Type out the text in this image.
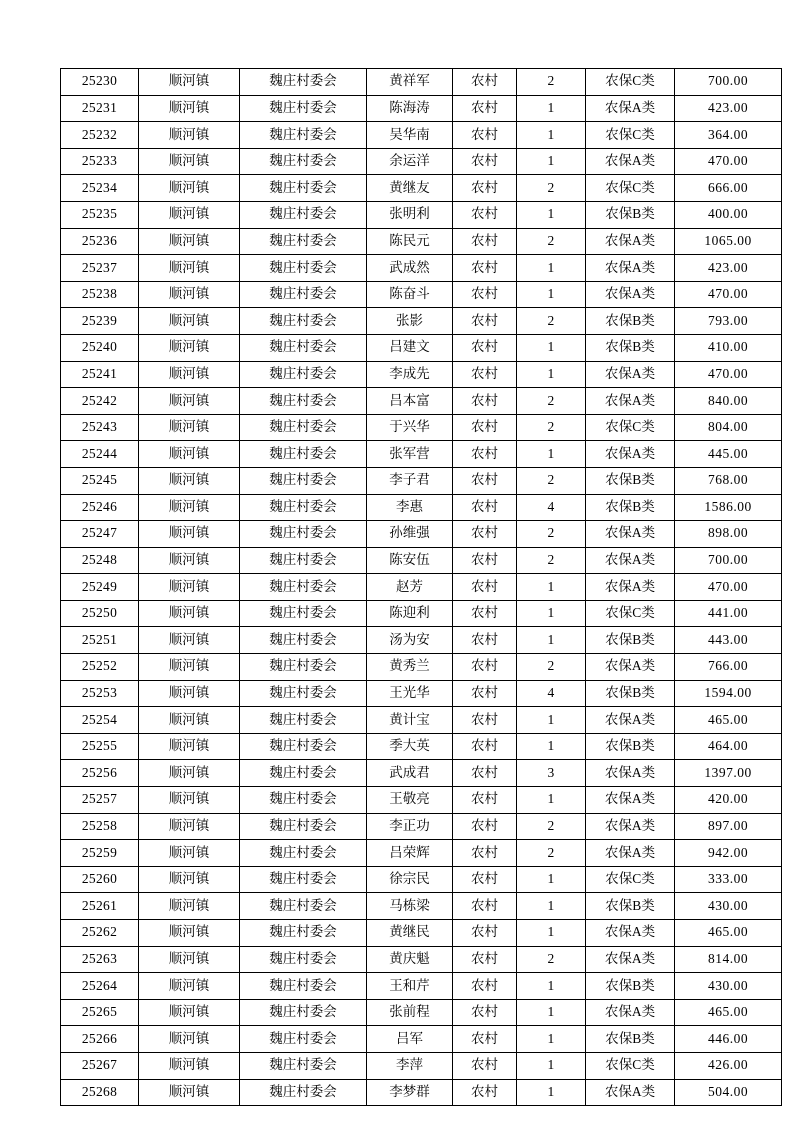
25230	顺河镇	魏庄村委会	黄祥军	农村	2	农保C类	700.00
25231	顺河镇	魏庄村委会	陈海涛	农村	1	农保A类	423.00
25232	顺河镇	魏庄村委会	吴华南	农村	1	农保C类	364.00
25233	顺河镇	魏庄村委会	余运洋	农村	1	农保A类	470.00
25234	顺河镇	魏庄村委会	黄继友	农村	2	农保C类	666.00
25235	顺河镇	魏庄村委会	张明利	农村	1	农保B类	400.00
25236	顺河镇	魏庄村委会	陈民元	农村	2	农保A类	1065.00
25237	顺河镇	魏庄村委会	武成然	农村	1	农保A类	423.00
25238	顺河镇	魏庄村委会	陈奋斗	农村	1	农保A类	470.00
25239	顺河镇	魏庄村委会	张影	农村	2	农保B类	793.00
25240	顺河镇	魏庄村委会	吕建文	农村	1	农保B类	410.00
25241	顺河镇	魏庄村委会	李成先	农村	1	农保A类	470.00
25242	顺河镇	魏庄村委会	吕本富	农村	2	农保A类	840.00
25243	顺河镇	魏庄村委会	于兴华	农村	2	农保C类	804.00
25244	顺河镇	魏庄村委会	张军营	农村	1	农保A类	445.00
25245	顺河镇	魏庄村委会	李子君	农村	2	农保B类	768.00
25246	顺河镇	魏庄村委会	李惠	农村	4	农保B类	1586.00
25247	顺河镇	魏庄村委会	孙维强	农村	2	农保A类	898.00
25248	顺河镇	魏庄村委会	陈安伍	农村	2	农保A类	700.00
25249	顺河镇	魏庄村委会	赵芳	农村	1	农保A类	470.00
25250	顺河镇	魏庄村委会	陈迎利	农村	1	农保C类	441.00
25251	顺河镇	魏庄村委会	汤为安	农村	1	农保B类	443.00
25252	顺河镇	魏庄村委会	黄秀兰	农村	2	农保A类	766.00
25253	顺河镇	魏庄村委会	王光华	农村	4	农保B类	1594.00
25254	顺河镇	魏庄村委会	黄计宝	农村	1	农保A类	465.00
25255	顺河镇	魏庄村委会	季大英	农村	1	农保B类	464.00
25256	顺河镇	魏庄村委会	武成君	农村	3	农保A类	1397.00
25257	顺河镇	魏庄村委会	王敬亮	农村	1	农保A类	420.00
25258	顺河镇	魏庄村委会	李正功	农村	2	农保A类	897.00
25259	顺河镇	魏庄村委会	吕荣辉	农村	2	农保A类	942.00
25260	顺河镇	魏庄村委会	徐宗民	农村	1	农保C类	333.00
25261	顺河镇	魏庄村委会	马栋梁	农村	1	农保B类	430.00
25262	顺河镇	魏庄村委会	黄继民	农村	1	农保A类	465.00
25263	顺河镇	魏庄村委会	黄庆魁	农村	2	农保A类	814.00
25264	顺河镇	魏庄村委会	王和芹	农村	1	农保B类	430.00
25265	顺河镇	魏庄村委会	张前程	农村	1	农保A类	465.00
25266	顺河镇	魏庄村委会	吕军	农村	1	农保B类	446.00
25267	顺河镇	魏庄村委会	李萍	农村	1	农保C类	426.00
25268	顺河镇	魏庄村委会	李梦群	农村	1	农保A类	504.00
